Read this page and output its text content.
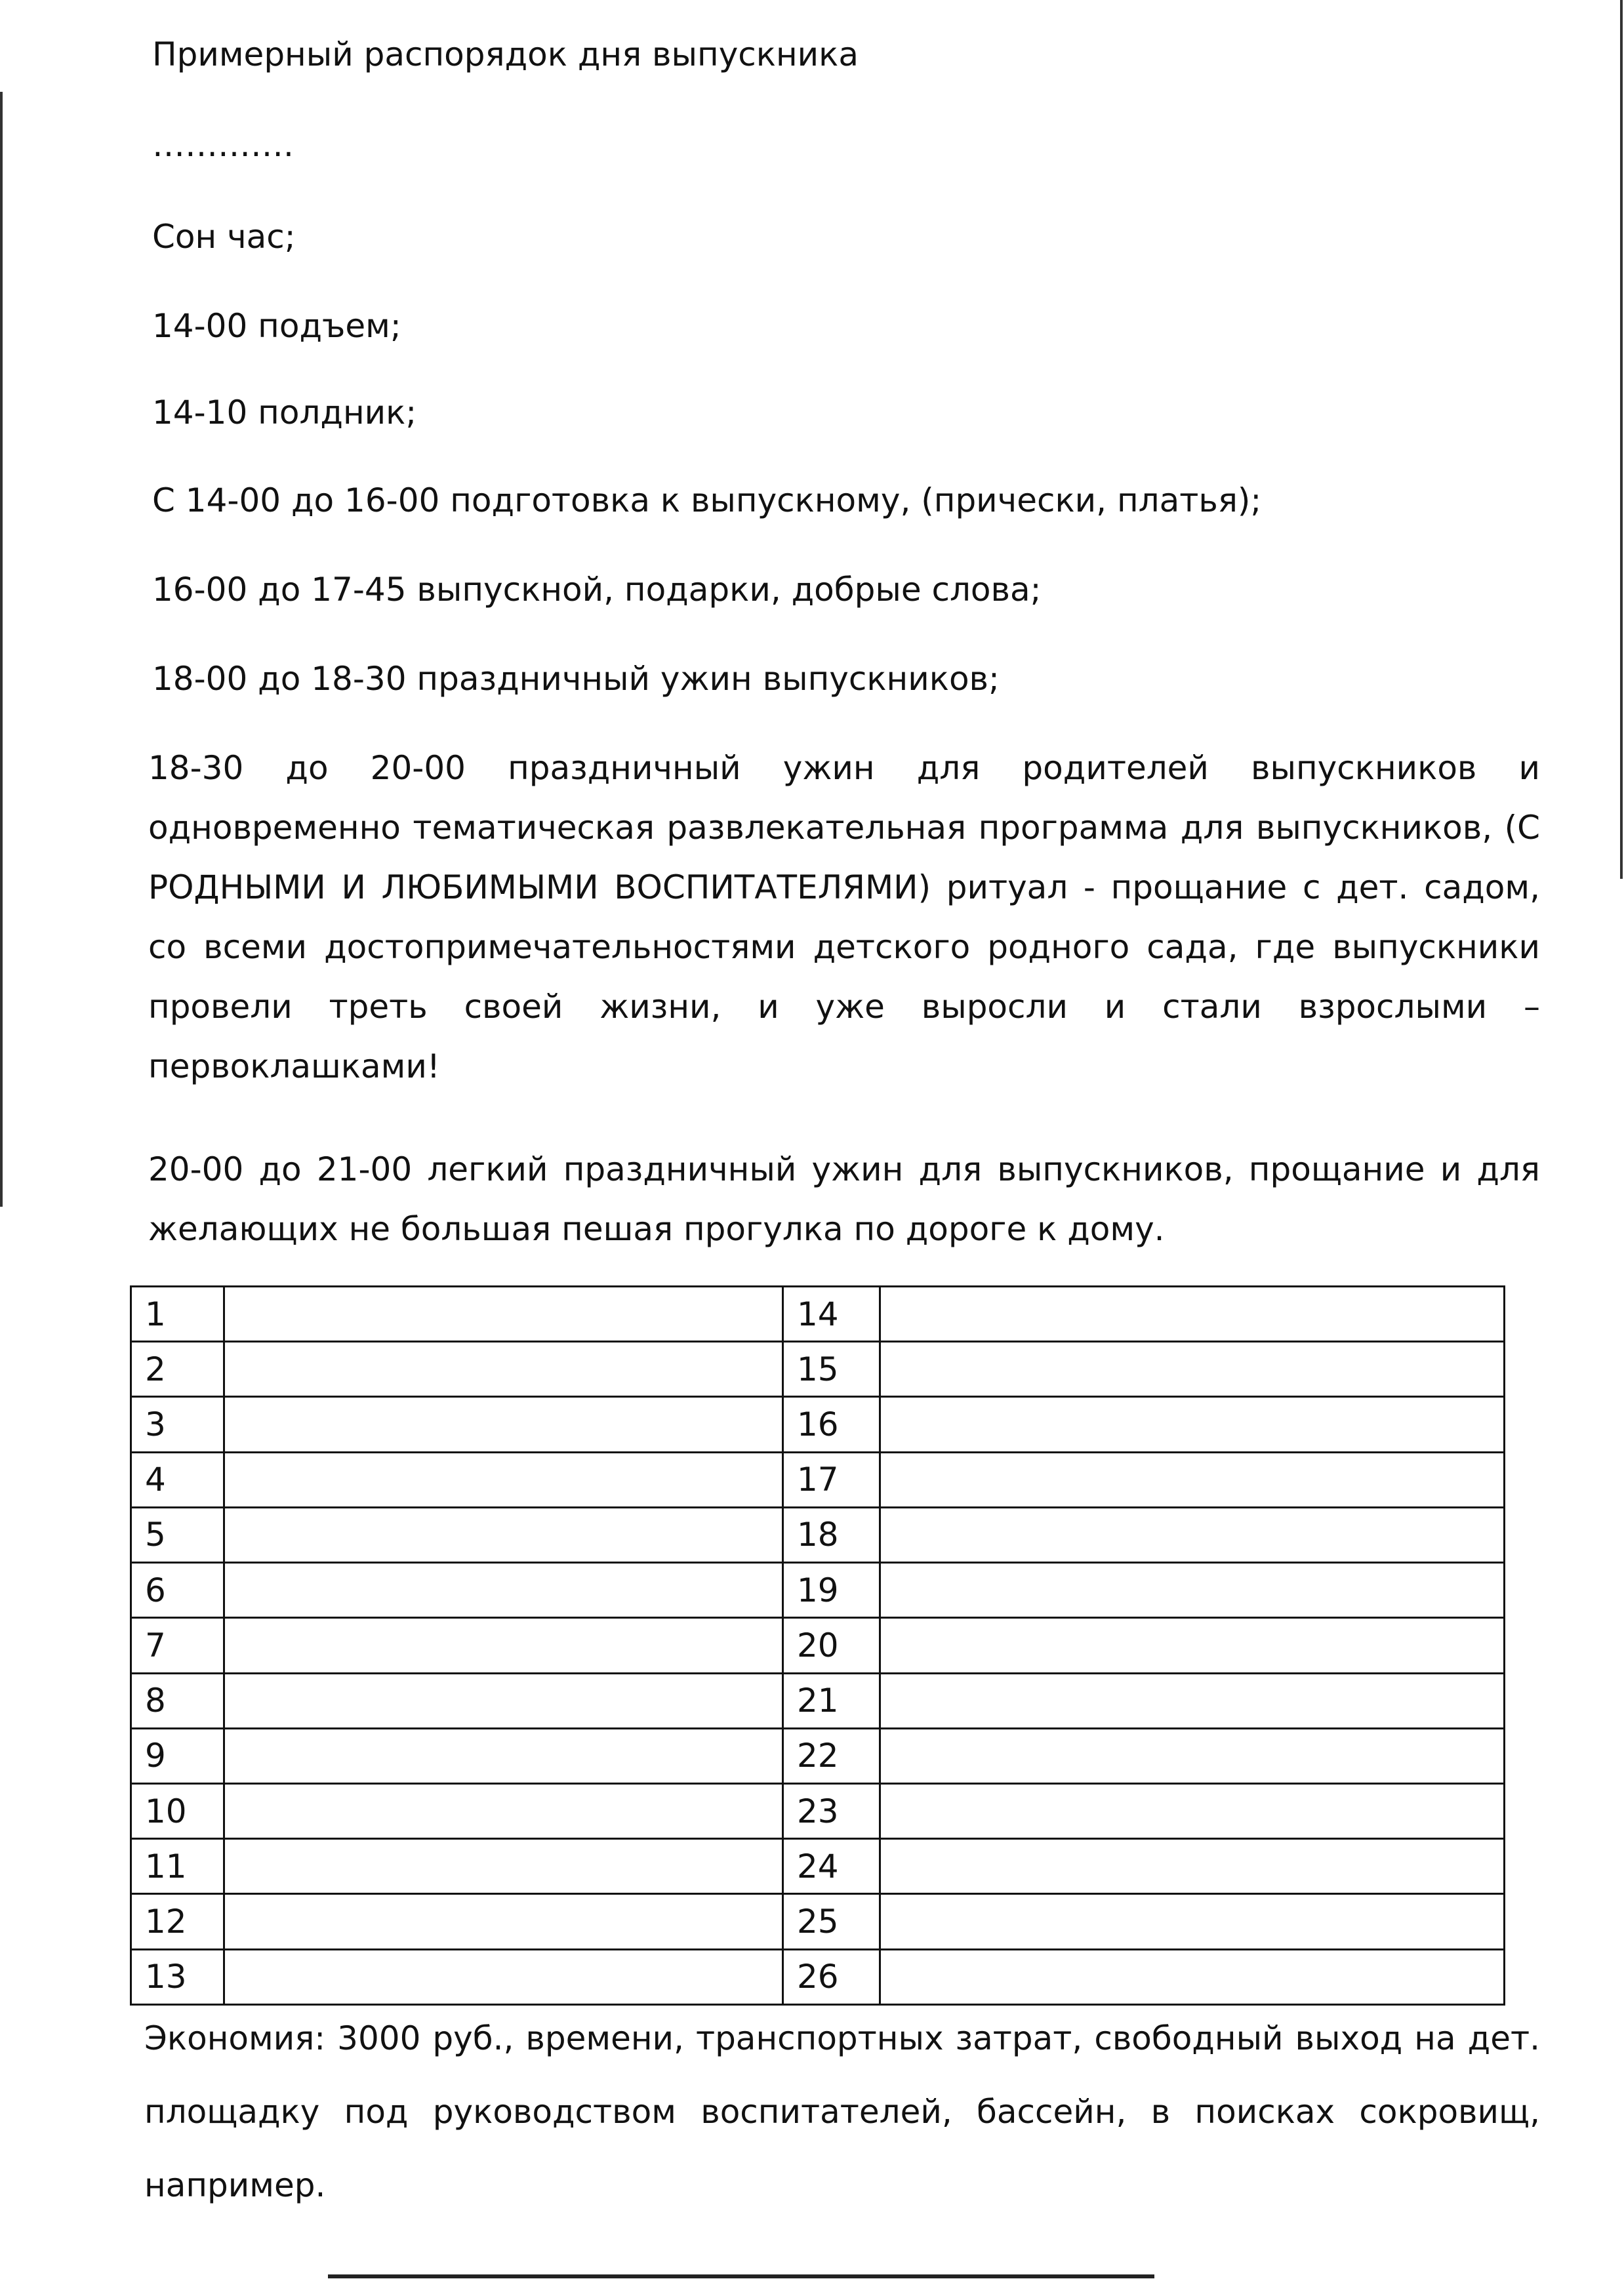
Примерный распорядок дня выпускника
………….
Сон час;
14-00 подъем;
14-10 полдник;
С 14-00 до 16-00 подготовка к выпускному, (прически, платья);
16-00 до 17-45 выпускной, подарки, добрые слова;
18-00 до 18-30 праздничный ужин выпускников;
18-30 до 20-00 праздничный ужин для родителей выпускников и одновременно тематическая развлекательная программа для выпускников, (С РОДНЫМИ И ЛЮБИМЫМИ ВОСПИТАТЕЛЯМИ) ритуал - прощание с дет. садом, со всеми достопримечательностями детского родного сада, где выпускники провели треть своей жизни, и уже выросли и стали взрослыми – первоклашками!
20-00 до 21-00 легкий праздничный ужин для выпускников, прощание и для желающих не большая пешая прогулка по дороге к дому.
1		14	
2		15	
3		16	
4		17	
5		18	
6		19	
7		20	
8		21	
9		22	
10		23	
11		24	
12		25	
13		26	
Экономия: 3000 руб., времени, транспортных затрат, свободный выход на дет. площадку под руководством воспитателей, бассейн, в поисках сокровищ, например.
